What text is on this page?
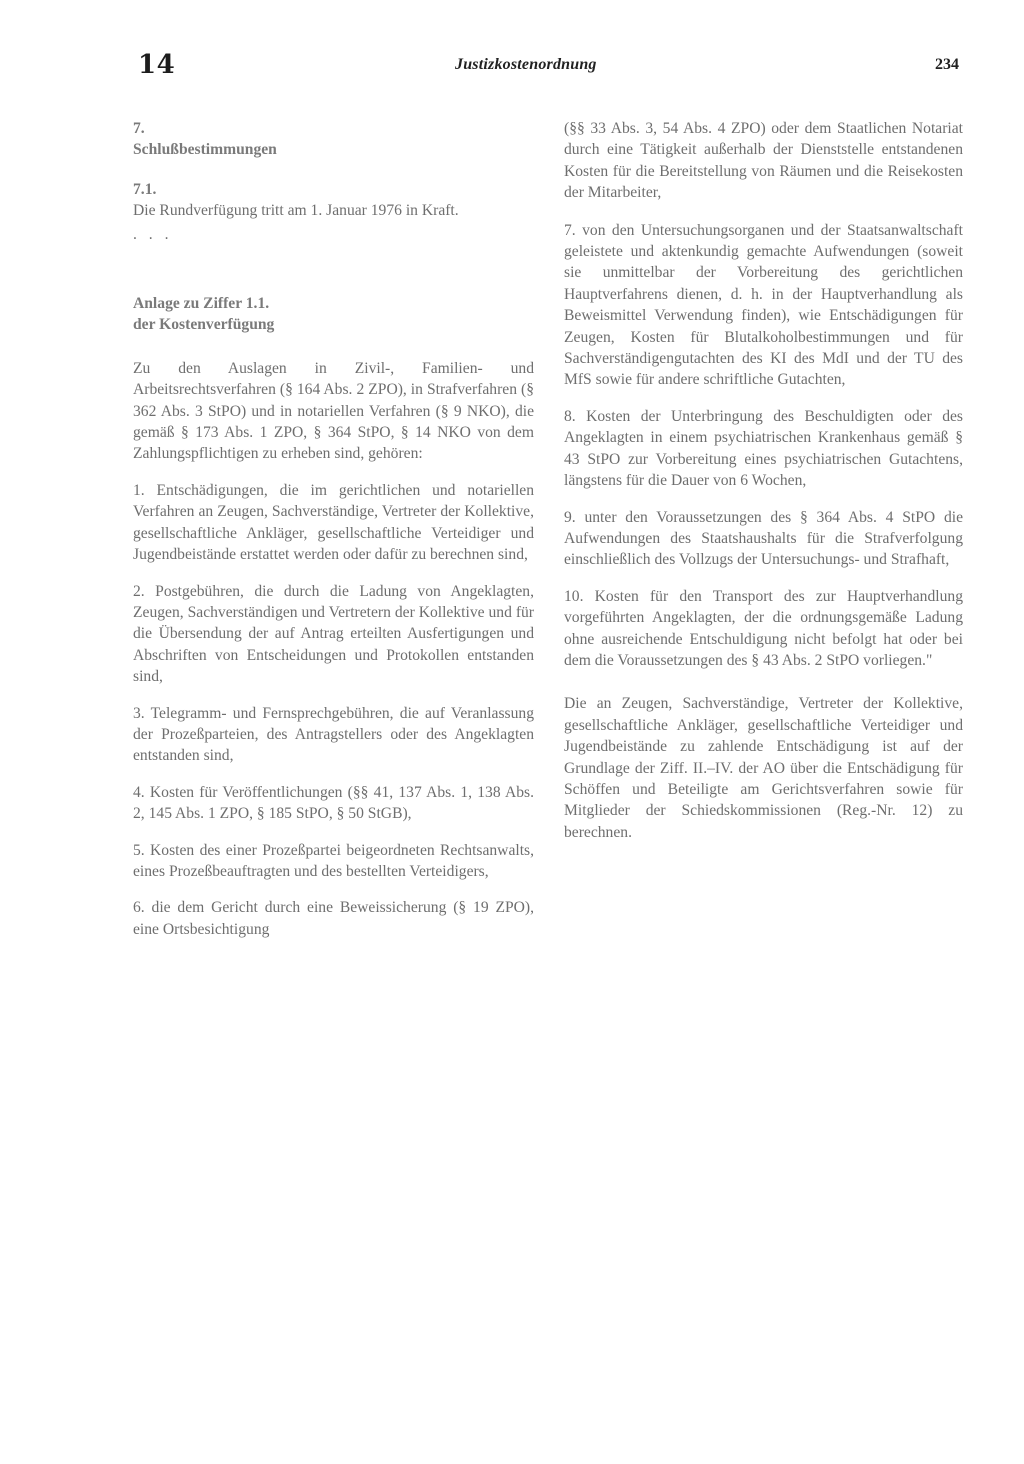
14	Justizkostenordnung	234

7.

Schlußbestimmungen

7.1.

Die Rundverfügung tritt am 1. Januar 1976 in Kraft.

. . .

Anlage zu Ziffer 1.1.
der Kostenverfügung

Zu den Auslagen in Zivil-, Familien- und Arbeitsrechtsverfahren (§ 164 Abs. 2 ZPO), in Strafverfahren (§ 362 Abs. 3 StPO) und in notariellen Verfahren (§ 9 NKO), die gemäß § 173 Abs. 1 ZPO, § 364 StPO, § 14 NKO von dem Zahlungspflichtigen zu erheben sind, gehören:

1. Entschädigungen, die im gerichtlichen und notariellen Verfahren an Zeugen, Sachverständige, Vertreter der Kollektive, gesellschaftliche Ankläger, gesellschaftliche Verteidiger und Jugendbeistände erstattet werden oder dafür zu berechnen sind,

2. Postgebühren, die durch die Ladung von Angeklagten, Zeugen, Sachverständigen und Vertretern der Kollektive und für die Übersendung der auf Antrag erteilten Ausfertigungen und Abschriften von Entscheidungen und Protokollen entstanden sind,

3. Telegramm- und Fernsprechgebühren, die auf Veranlassung der Prozeßparteien, des Antragstellers oder des Angeklagten entstanden sind,

4. Kosten für Veröffentlichungen (§§ 41, 137 Abs. 1, 138 Abs. 2, 145 Abs. 1 ZPO, § 185 StPO, § 50 StGB),

5. Kosten des einer Prozeßpartei beigeordneten Rechtsanwalts, eines Prozeßbeauftragten und des bestellten Verteidigers,

6. die dem Gericht durch eine Beweissicherung (§ 19 ZPO), eine Ortsbesichtigung

(§§ 33 Abs. 3, 54 Abs. 4 ZPO) oder dem Staatlichen Notariat durch eine Tätigkeit außerhalb der Dienststelle entstandenen Kosten für die Bereitstellung von Räumen und die Reisekosten der Mitarbeiter,

7. von den Untersuchungsorganen und der Staatsanwaltschaft geleistete und aktenkundig gemachte Aufwendungen (soweit sie unmittelbar der Vorbereitung des gerichtlichen Hauptverfahrens dienen, d. h. in der Hauptverhandlung als Beweismittel Verwendung finden), wie Entschädigungen für Zeugen, Kosten für Blutalkoholbestimmungen und für Sachverständigengutachten des KI des MdI und der TU des MfS sowie für andere schriftliche Gutachten,

8. Kosten der Unterbringung des Beschuldigten oder des Angeklagten in einem psychiatrischen Krankenhaus gemäß § 43 StPO zur Vorbereitung eines psychiatrischen Gutachtens, längstens für die Dauer von 6 Wochen,

9. unter den Voraussetzungen des § 364 Abs. 4 StPO die Aufwendungen des Staatshaushalts für die Strafverfolgung einschließlich des Vollzugs der Untersuchungs- und Strafhaft,

10. Kosten für den Transport des zur Hauptverhandlung vorgeführten Angeklagten, der die ordnungsgemäße Ladung ohne ausreichende Entschuldigung nicht befolgt hat oder bei dem die Voraussetzungen des § 43 Abs. 2 StPO vorliegen."

Die an Zeugen, Sachverständige, Vertreter der Kollektive, gesellschaftliche Ankläger, gesellschaftliche Verteidiger und Jugendbeistände zu zahlende Entschädigung ist auf der Grundlage der Ziff. II.–IV. der AO über die Entschädigung für Schöffen und Beteiligte am Gerichtsverfahren sowie für Mitglieder der Schiedskommissionen (Reg.-Nr. 12) zu berechnen.
